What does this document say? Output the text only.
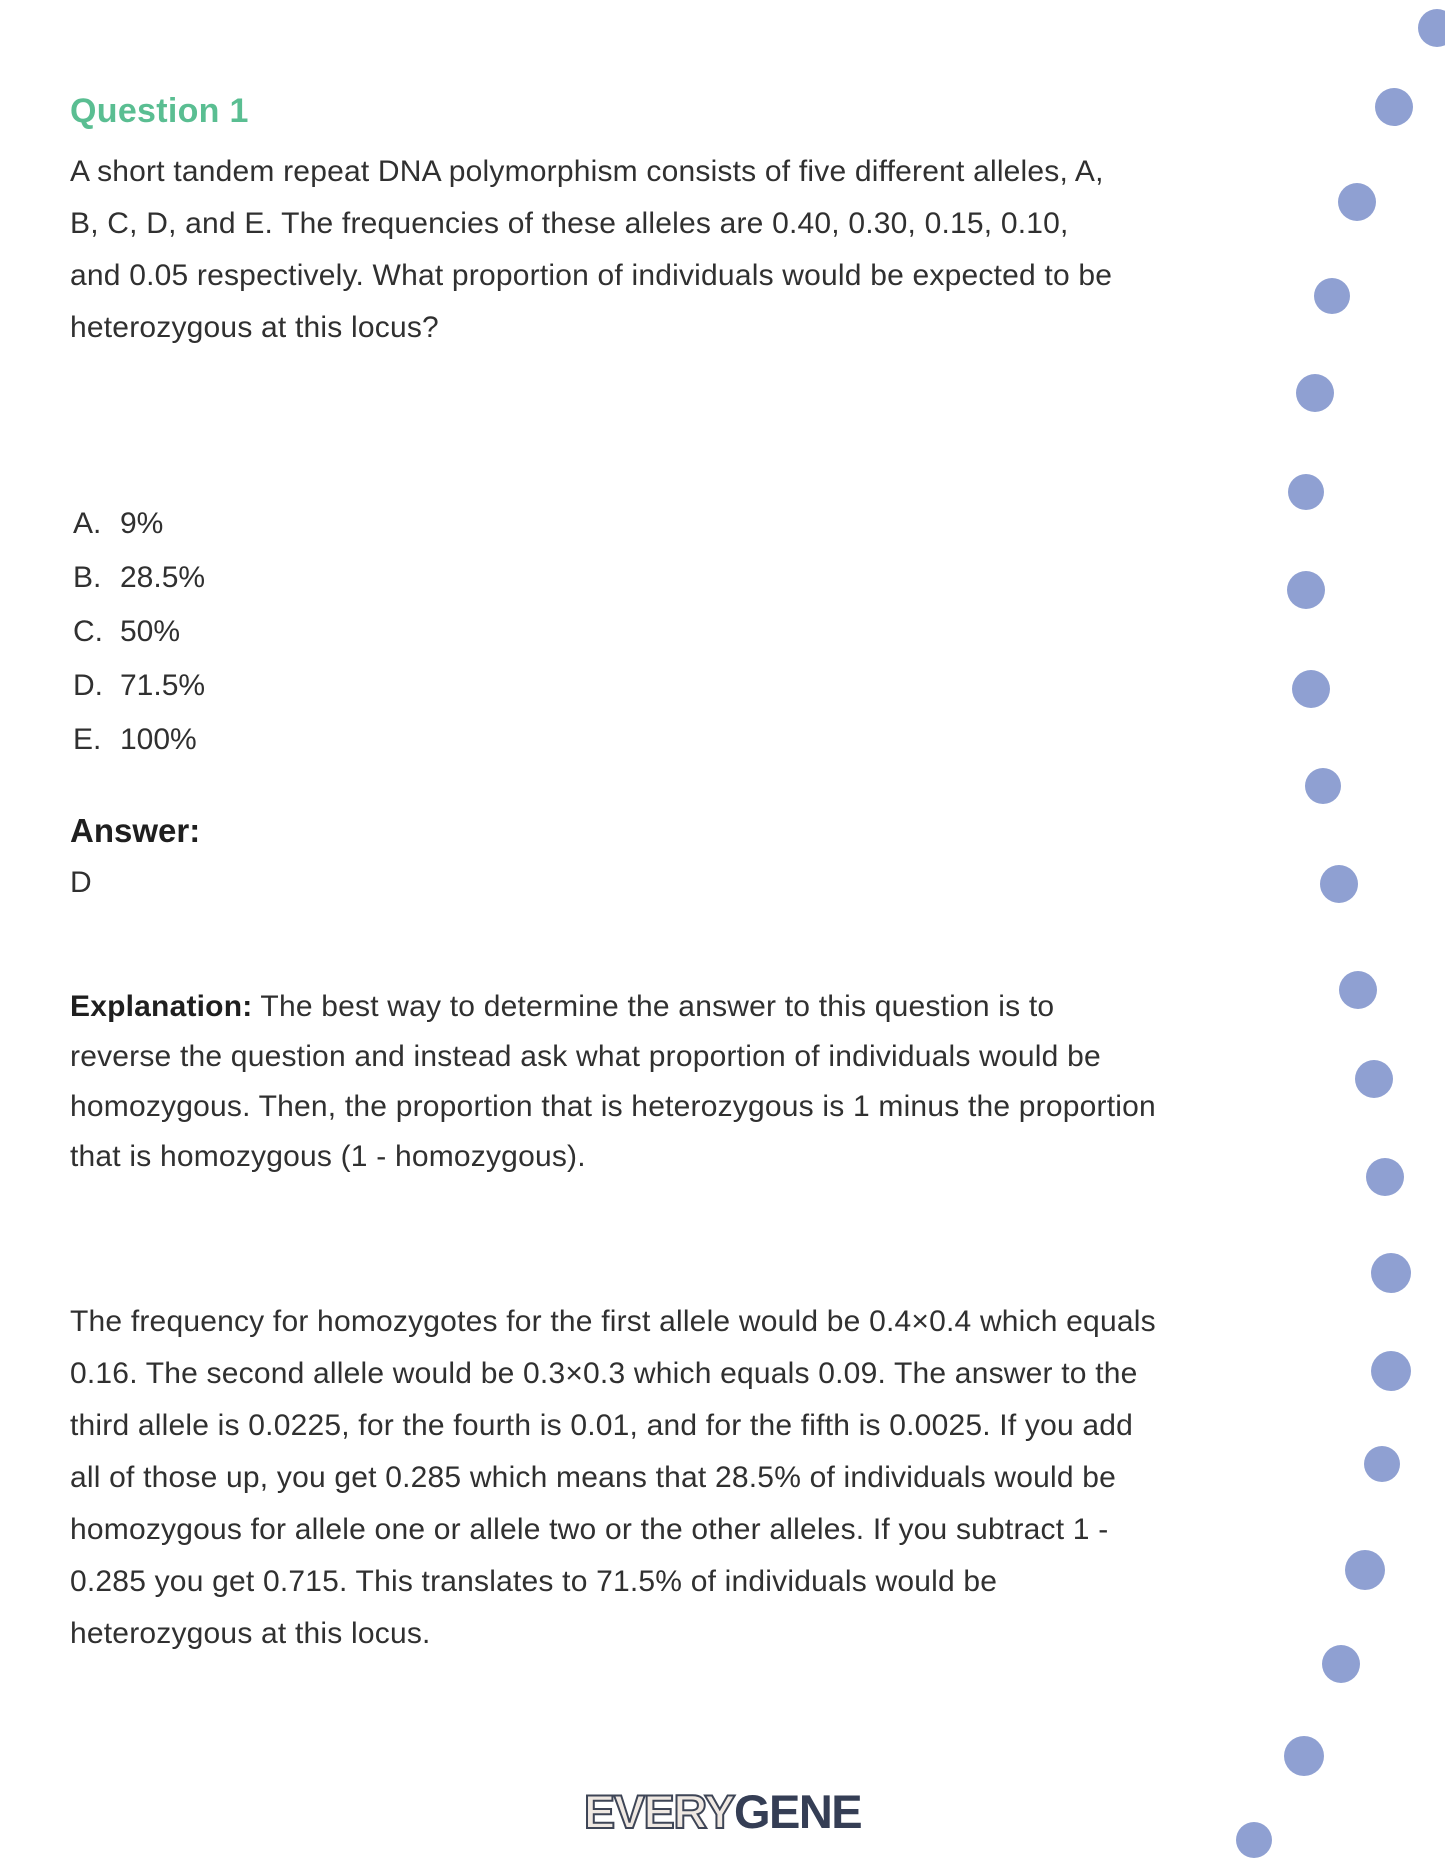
Question 1

A short tandem repeat DNA polymorphism consists of five different alleles, A, B, C, D, and E. The frequencies of these alleles are 0.40, 0.30, 0.15, 0.10, and 0.05 respectively. What proportion of individuals would be expected to be heterozygous at this locus?

A. 9%
B. 28.5%
C. 50%
D. 71.5%
E. 100%
Answer:
D

Explanation: The best way to determine the answer to this question is to reverse the question and instead ask what proportion of individuals would be homozygous. Then, the proportion that is heterozygous is 1 minus the proportion that is homozygous (1 - homozygous).

The frequency for homozygotes for the first allele would be 0.4×0.4 which equals 0.16. The second allele would be 0.3×0.3 which equals 0.09. The answer to the third allele is 0.0225, for the fourth is 0.01, and for the fifth is 0.0025. If you add all of those up, you get 0.285 which means that 28.5% of individuals would be homozygous for allele one or allele two or the other alleles. If you subtract 1 - 0.285 you get 0.715. This translates to 71.5% of individuals would be heterozygous at this locus.

EVERYGENE
